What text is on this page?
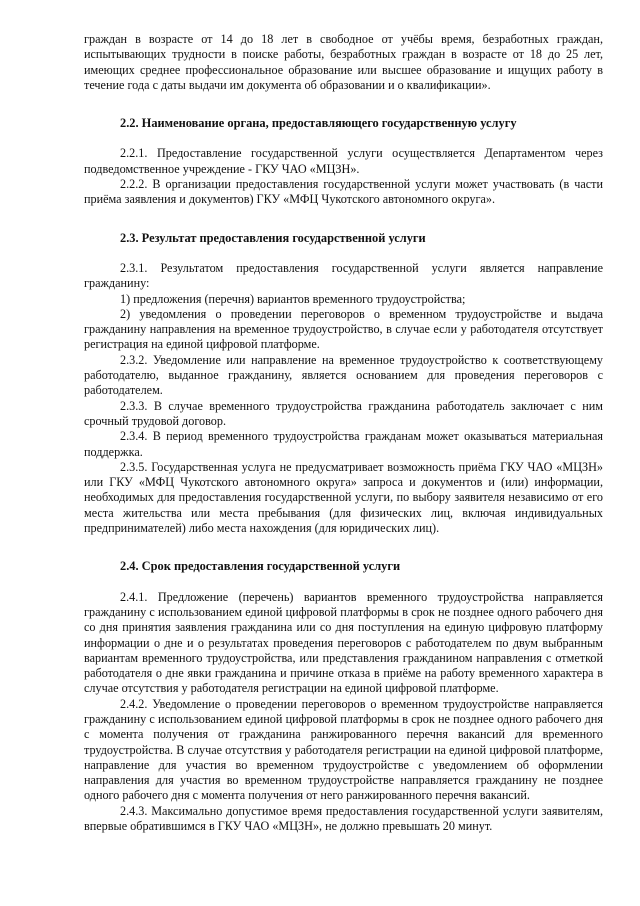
граждан в возрасте от 14 до 18 лет в свободное от учёбы время, безработных граждан, испытывающих трудности в поиске работы, безработных граждан в возрасте от 18 до 25 лет, имеющих среднее профессиональное образование или высшее образование и ищущих работу в течение года с даты выдачи им документа об образовании и о квалификации».

2.2. Наименование органа, предоставляющего государственную услугу

2.2.1. Предоставление государственной услуги осуществляется Департаментом через подведомственное учреждение - ГКУ ЧАО «МЦЗН».

2.2.2. В организации предоставления государственной услуги может участвовать (в части приёма заявления и документов) ГКУ «МФЦ Чукотского автономного округа».

2.3. Результат предоставления государственной услуги

2.3.1. Результатом предоставления государственной услуги является направление гражданину:

1) предложения (перечня) вариантов временного трудоустройства;

2) уведомления о проведении переговоров о временном трудоустройстве и выдача гражданину направления на временное трудоустройство, в случае если у работодателя отсутствует регистрация на единой цифровой платформе.

2.3.2. Уведомление или направление на временное трудоустройство к соответствующему работодателю, выданное гражданину, является основанием для проведения переговоров с работодателем.

2.3.3. В случае временного трудоустройства гражданина работодатель заключает с ним срочный трудовой договор.

2.3.4. В период временного трудоустройства гражданам может оказываться материальная поддержка.

2.3.5. Государственная услуга не предусматривает возможность приёма ГКУ ЧАО «МЦЗН» или ГКУ «МФЦ Чукотского автономного округа» запроса и документов и (или) информации, необходимых для предоставления государственной услуги, по выбору заявителя независимо от его места жительства или места пребывания (для физических лиц, включая индивидуальных предпринимателей) либо места нахождения (для юридических лиц).

2.4. Срок предоставления государственной услуги

2.4.1. Предложение (перечень) вариантов временного трудоустройства направляется гражданину с использованием единой цифровой платформы в срок не позднее одного рабочего дня со дня принятия заявления гражданина или со дня поступления на единую цифровую платформу информации о дне и о результатах проведения переговоров с работодателем по двум выбранным вариантам временного трудоустройства, или представления гражданином направления с отметкой работодателя о дне явки гражданина и причине отказа в приёме на работу временного характера в случае отсутствия у работодателя регистрации на единой цифровой платформе.

2.4.2. Уведомление о проведении переговоров о временном трудоустройстве направляется гражданину с использованием единой цифровой платформы в срок не позднее одного рабочего дня с момента получения от гражданина ранжированного перечня вакансий для временного трудоустройства. В случае отсутствия у работодателя регистрации на единой цифровой платформе, направление для участия во временном трудоустройстве с уведомлением об оформлении направления для участия во временном трудоустройстве направляется гражданину не позднее одного рабочего дня с момента получения от него ранжированного перечня вакансий.

2.4.3. Максимально допустимое время предоставления государственной услуги заявителям, впервые обратившимся в ГКУ ЧАО «МЦЗН», не должно превышать 20 минут.
